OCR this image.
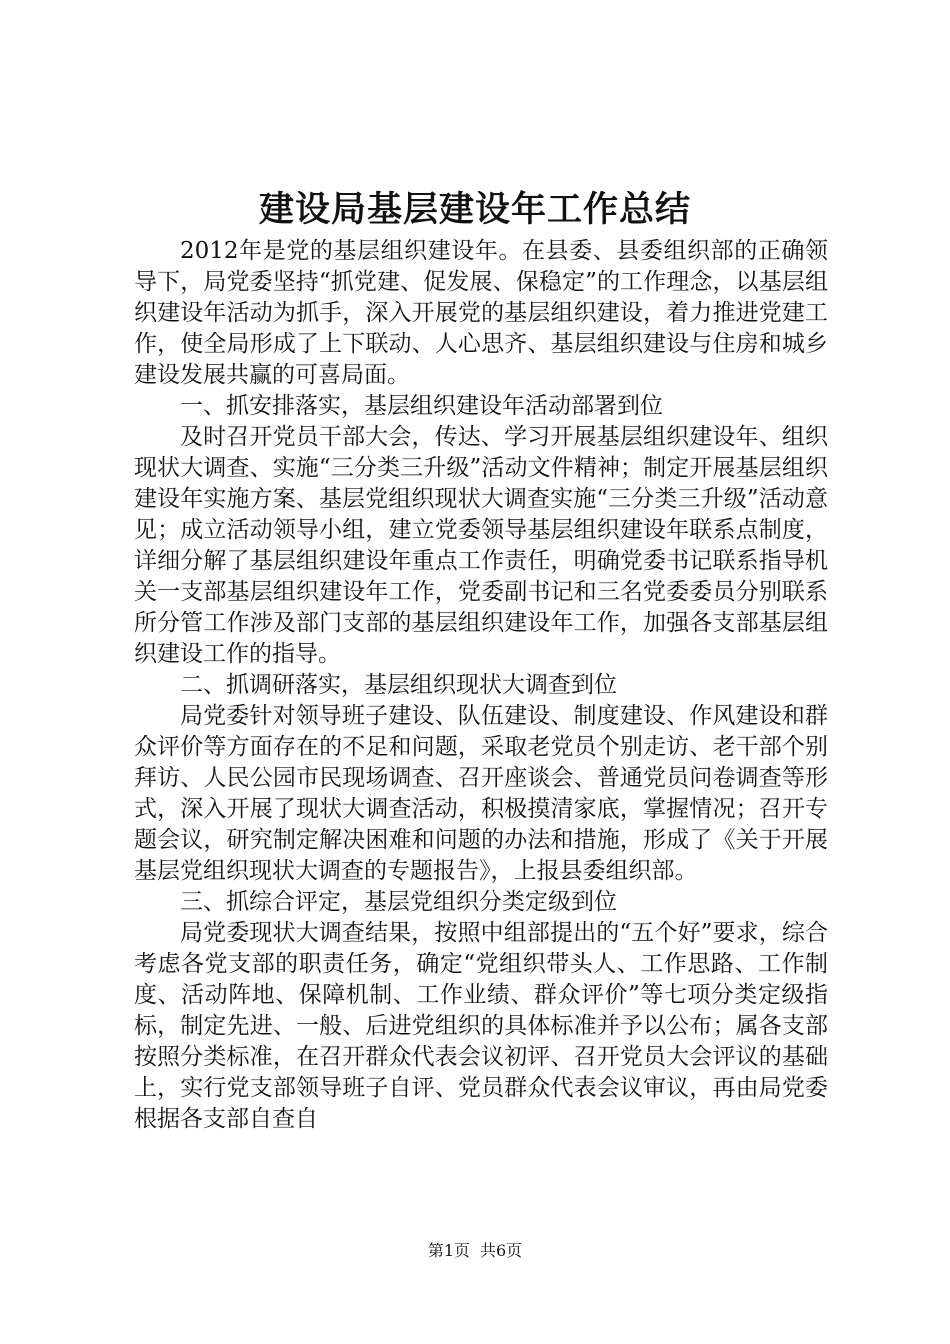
建设局基层建设年工作总结

2012年是党的基层组织建设年。在县委、县委组织部的正确领导下，局党委坚持“抓党建、促发展、保稳定”的工作理念，以基层组织建设年活动为抓手，深入开展党的基层组织建设，着力推进党建工作，使全局形成了上下联动、人心思齐、基层组织建设与住房和城乡建设发展共赢的可喜局面。

一、抓安排落实，基层组织建设年活动部署到位

及时召开党员干部大会，传达、学习开展基层组织建设年、组织现状大调查、实施“三分类三升级”活动文件精神；制定开展基层组织建设年实施方案、基层党组织现状大调查实施“三分类三升级”活动意见；成立活动领导小组，建立党委领导基层组织建设年联系点制度，详细分解了基层组织建设年重点工作责任，明确党委书记联系指导机关一支部基层组织建设年工作，党委副书记和三名党委委员分别联系所分管工作涉及部门支部的基层组织建设年工作，加强各支部基层组织建设工作的指导。

二、抓调研落实，基层组织现状大调查到位

局党委针对领导班子建设、队伍建设、制度建设、作风建设和群众评价等方面存在的不足和问题，采取老党员个别走访、老干部个别拜访、人民公园市民现场调查、召开座谈会、普通党员问卷调查等形式，深入开展了现状大调查活动，积极摸清家底，掌握情况；召开专题会议，研究制定解决困难和问题的办法和措施，形成了《关于开展基层党组织现状大调查的专题报告》，上报县委组织部。

三、抓综合评定，基层党组织分类定级到位

局党委现状大调查结果，按照中组部提出的“五个好”要求，综合考虑各党支部的职责任务，确定“党组织带头人、工作思路、工作制度、活动阵地、保障机制、工作业绩、群众评价”等七项分类定级指标，制定先进、一般、后进党组织的具体标准并予以公布；属各支部按照分类标准，在召开群众代表会议初评、召开党员大会评议的基础上，实行党支部领导班子自评、党员群众代表会议审议，再由局党委根据各支部自查自

第1页 共6页
